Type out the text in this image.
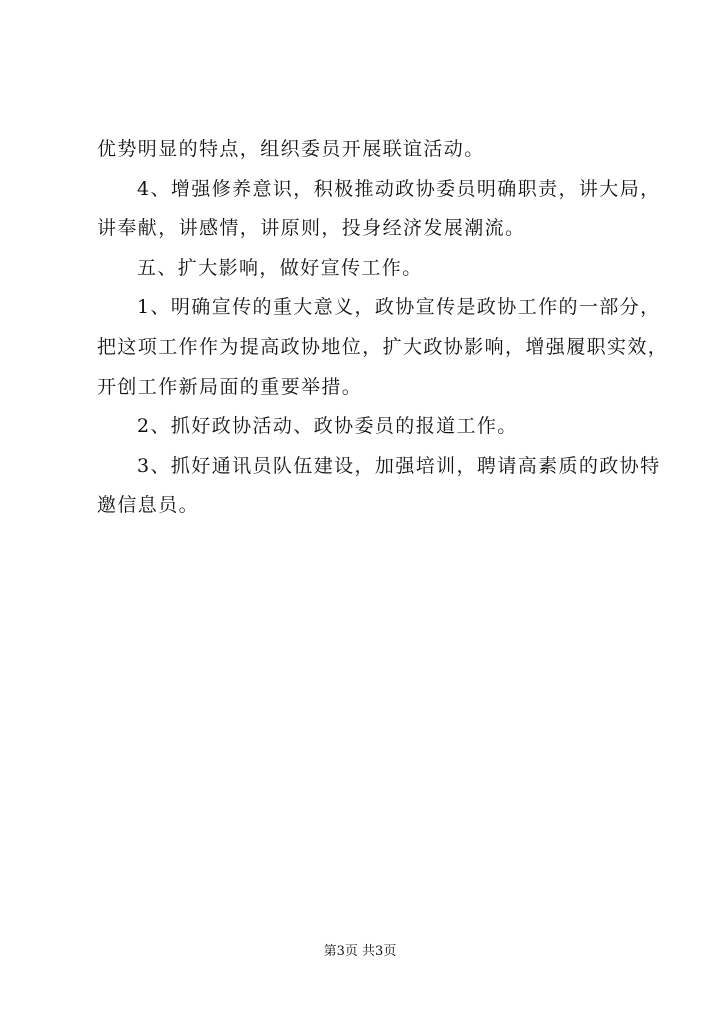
优势明显的特点，组织委员开展联谊活动。
4、增强修养意识，积极推动政协委员明确职责，讲大局，
讲奉献，讲感情，讲原则，投身经济发展潮流。
五、扩大影响，做好宣传工作。
1、明确宣传的重大意义，政协宣传是政协工作的一部分，
把这项工作作为提高政协地位，扩大政协影响，增强履职实效，
开创工作新局面的重要举措。
2、抓好政协活动、政协委员的报道工作。
3、抓好通讯员队伍建设，加强培训，聘请高素质的政协特
邀信息员。
第3页 共3页
